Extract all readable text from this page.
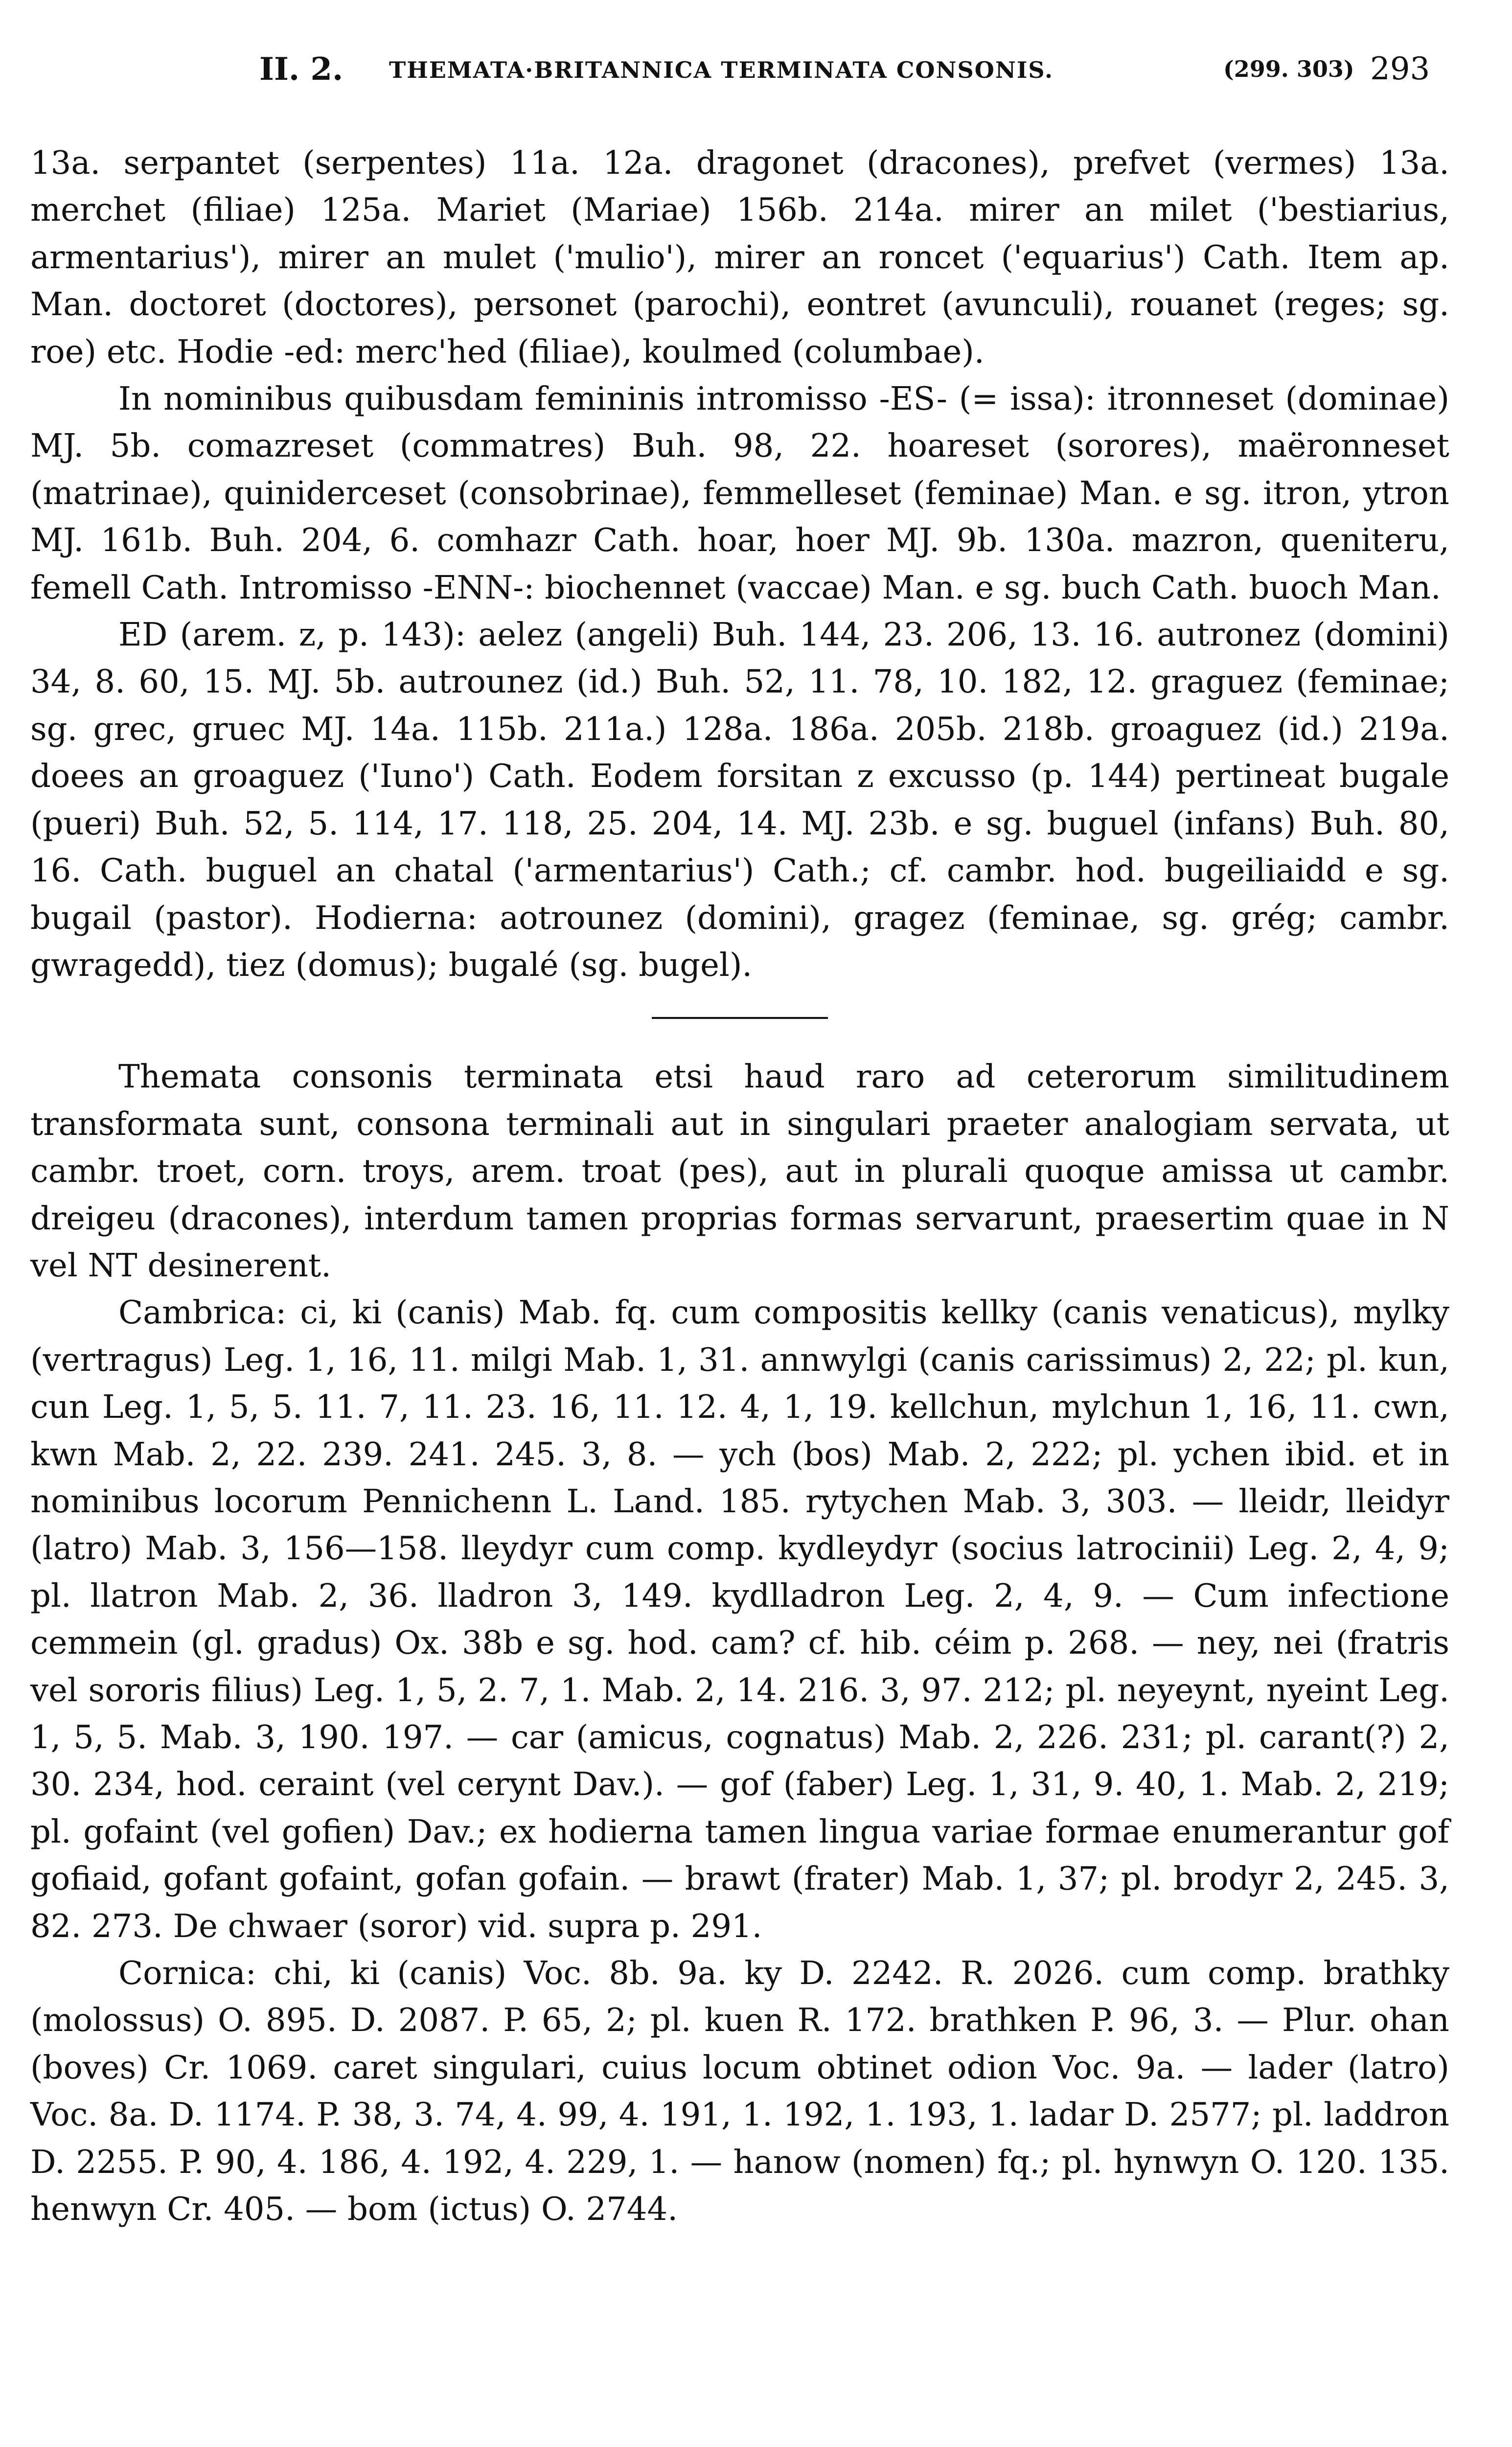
II. 2. THEMATA·BRITANNICA TERMINATA CONSONIS.	(299. 303) 293

13a. serpantet (serpentes) 11a. 12a. dragonet (dracones), prefvet (vermes) 13a. merchet (filiae) 125a. Mariet (Mariae) 156b. 214a. mirer an milet ('bestiarius, armentarius'), mirer an mulet ('mulio'), mirer an roncet ('equarius') Cath. Item ap. Man. doctoret (doctores), personet (parochi), eontret (avunculi), rouanet (reges; sg. roe) etc. Hodie -ed: merc'hed (filiae), koulmed (columbae).

In nominibus quibusdam femininis intromisso -ES- (= issa): itronneset (dominae) MJ. 5b. comazreset (commatres) Buh. 98, 22. hoareset (sorores), maëronneset (matrinae), quiniderceset (consobrinae), femmelleset (feminae) Man. e sg. itron, ytron MJ. 161b. Buh. 204, 6. comhazr Cath. hoar, hoer MJ. 9b. 130a. mazron, queniteru, femell Cath. Intromisso -ENN-: biochennet (vaccae) Man. e sg. buch Cath. buoch Man.

ED (arem. z, p. 143): aelez (angeli) Buh. 144, 23. 206, 13. 16. autronez (domini) 34, 8. 60, 15. MJ. 5b. autrounez (id.) Buh. 52, 11. 78, 10. 182, 12. graguez (feminae; sg. grec, gruec MJ. 14a. 115b. 211a.) 128a. 186a. 205b. 218b. groaguez (id.) 219a. doees an groaguez ('Iuno') Cath. Eodem forsitan z excusso (p. 144) pertineat bugale (pueri) Buh. 52, 5. 114, 17. 118, 25. 204, 14. MJ. 23b. e sg. buguel (infans) Buh. 80, 16. Cath. buguel an chatal ('armentarius') Cath.; cf. cambr. hod. bugeiliaidd e sg. bugail (pastor). Hodierna: aotrounez (domini), gragez (feminae, sg. grég; cambr. gwragedd), tiez (domus); bugalé (sg. bugel).

Themata consonis terminata etsi haud raro ad ceterorum similitudinem transformata sunt, consona terminali aut in singulari praeter analogiam servata, ut cambr. troet, corn. troys, arem. troat (pes), aut in plurali quoque amissa ut cambr. dreigeu (dracones), interdum tamen proprias formas servarunt, praesertim quae in N vel NT desinerent.

Cambrica: ci, ki (canis) Mab. fq. cum compositis kellky (canis venaticus), mylky (vertragus) Leg. 1, 16, 11. milgi Mab. 1, 31. annwylgi (canis carissimus) 2, 22; pl. kun, cun Leg. 1, 5, 5. 11. 7, 11. 23. 16, 11. 12. 4, 1, 19. kellchun, mylchun 1, 16, 11. cwn, kwn Mab. 2, 22. 239. 241. 245. 3, 8. — ych (bos) Mab. 2, 222; pl. ychen ibid. et in nominibus locorum Pennichenn L. Land. 185. rytychen Mab. 3, 303. — lleidr, lleidyr (latro) Mab. 3, 156—158. lleydyr cum comp. kydleydyr (socius latrocinii) Leg. 2, 4, 9; pl. llatron Mab. 2, 36. lladron 3, 149. kydlladron Leg. 2, 4, 9. — Cum infectione cemmein (gl. gradus) Ox. 38b e sg. hod. cam? cf. hib. céim p. 268. — ney, nei (fratris vel sororis filius) Leg. 1, 5, 2. 7, 1. Mab. 2, 14. 216. 3, 97. 212; pl. neyeynt, nyeint Leg. 1, 5, 5. Mab. 3, 190. 197. — car (amicus, cognatus) Mab. 2, 226. 231; pl. carant(?) 2, 30. 234, hod. ceraint (vel cerynt Dav.). — gof (faber) Leg. 1, 31, 9. 40, 1. Mab. 2, 219; pl. gofaint (vel gofien) Dav.; ex hodierna tamen lingua variae formae enumerantur gof gofiaid, gofant gofaint, gofan gofain. — brawt (frater) Mab. 1, 37; pl. brodyr 2, 245. 3, 82. 273. De chwaer (soror) vid. supra p. 291.

Cornica: chi, ki (canis) Voc. 8b. 9a. ky D. 2242. R. 2026. cum comp. brathky (molossus) O. 895. D. 2087. P. 65, 2; pl. kuen R. 172. brathken P. 96, 3. — Plur. ohan (boves) Cr. 1069. caret singulari, cuius locum obtinet odion Voc. 9a. — lader (latro) Voc. 8a. D. 1174. P. 38, 3. 74, 4. 99, 4. 191, 1. 192, 1. 193, 1. ladar D. 2577; pl. laddron D. 2255. P. 90, 4. 186, 4. 192, 4. 229, 1. — hanow (nomen) fq.; pl. hynwyn O. 120. 135. henwyn Cr. 405. — bom (ictus) O. 2744.
